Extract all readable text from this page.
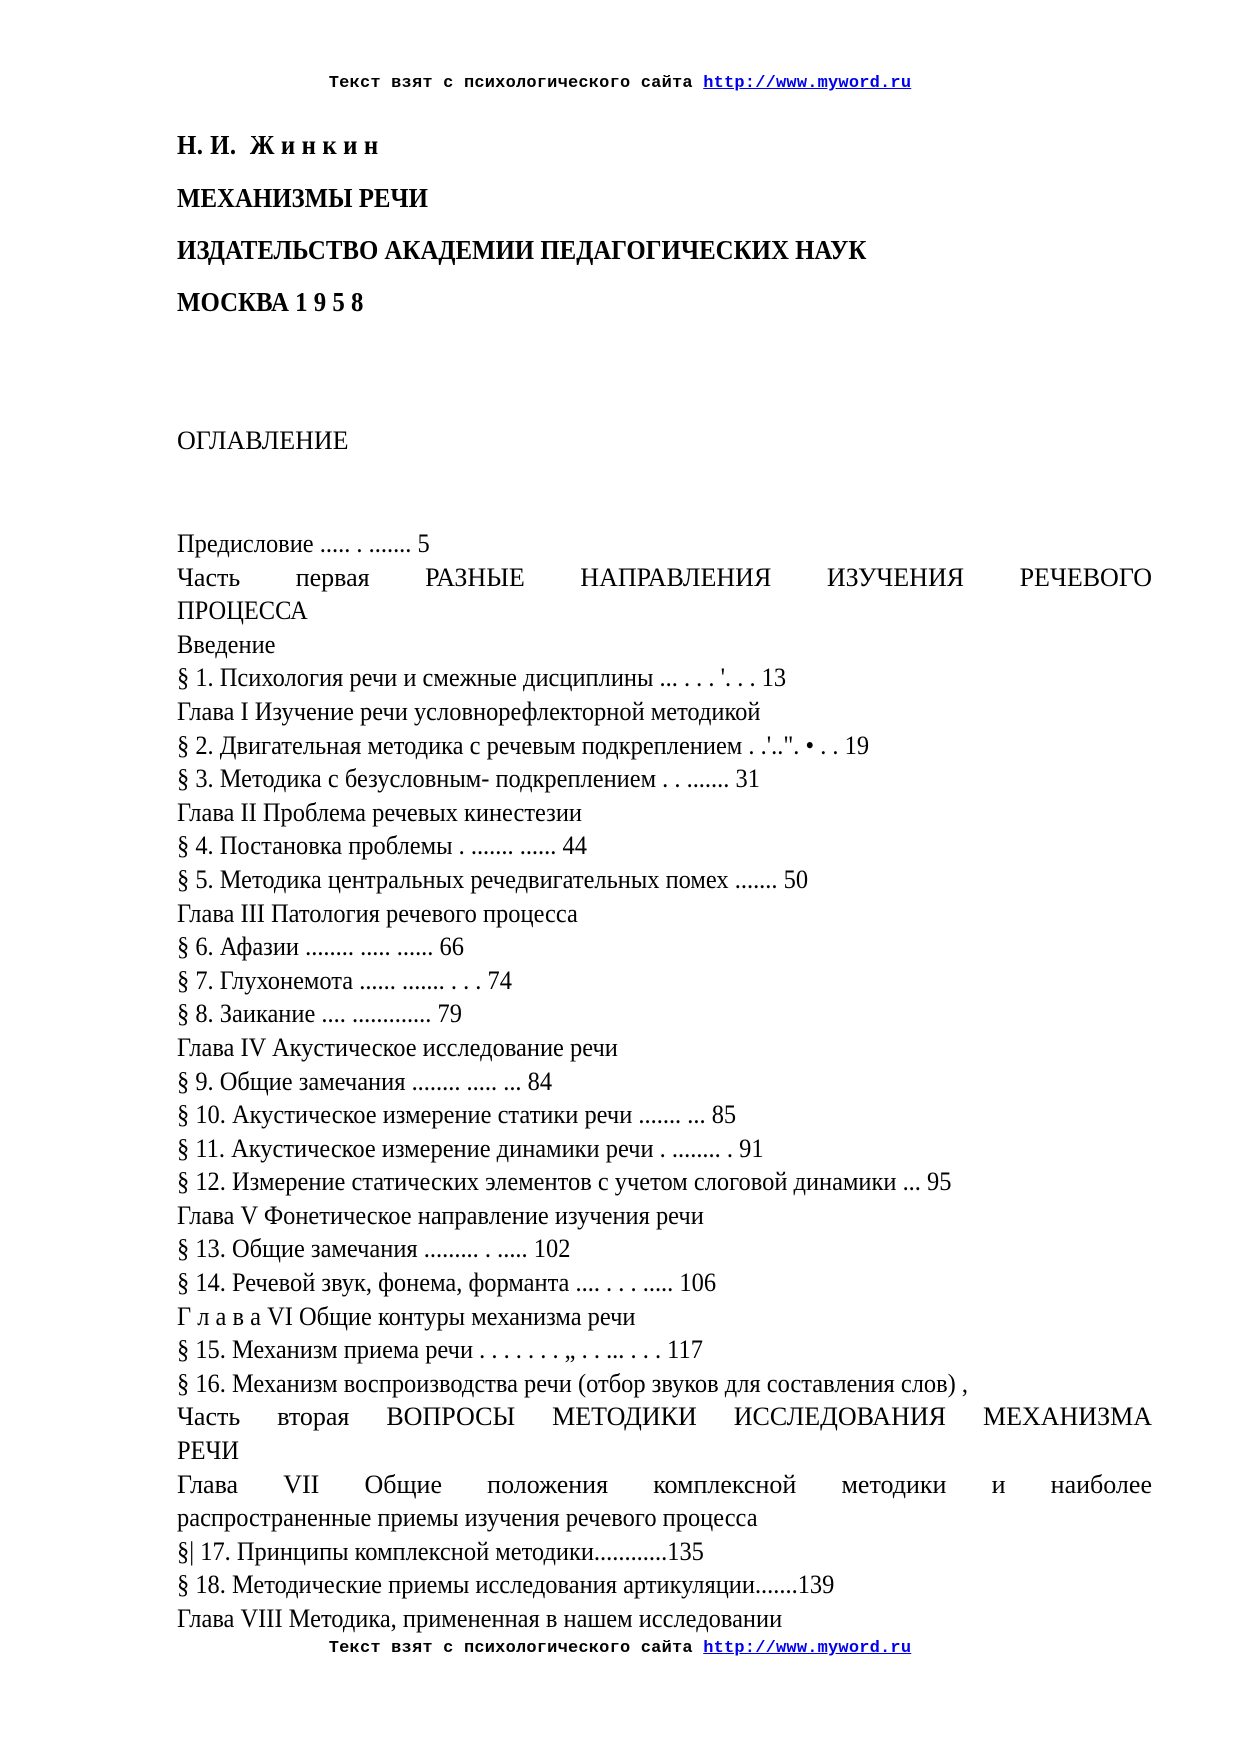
Текст взят с психологического сайта http://www.myword.ru
Н. И. Жинкин
МЕХАНИЗМЫ РЕЧИ
ИЗДАТЕЛЬСТВО АКАДЕМИИ ПЕДАГОГИЧЕСКИХ НАУК
МОСКВА 1 9 5 8
ОГЛАВЛЕНИЕ
Предисловие ..... . ....... 5
Часть первая РАЗНЫЕ НАПРАВЛЕНИЯ ИЗУЧЕНИЯ РЕЧЕВОГО
ПРОЦЕССА
Введение
§ 1. Психология речи и смежные дисциплины ... . . . '. . . 13
Глава I Изучение речи условнорефлекторной методикой
§ 2. Двигательная методика с речевым подкреплением . .'..". • . . 19
§ 3. Методика с безусловным- подкреплением . . ....... 31
Глава II Проблема речевых кинестезии
§ 4. Постановка проблемы . ....... ...... 44
§ 5. Методика центральных речедвигательных помех ....... 50
Глава III Патология речевого процесса
§ 6. Афазии ........ ..... ...... 66
§ 7. Глухонемота ...... ....... . . . 74
§ 8. Заикание .... ............. 79
Глава IV Акустическое исследование речи
§ 9. Общие замечания ........ ..... ... 84
§ 10. Акустическое измерение статики речи ....... ... 85
§ 11. Акустическое измерение динамики речи . ........ . 91
§ 12. Измерение статических элементов с учетом слоговой динамики ... 95
Глава V Фонетическое направление изучения речи
§ 13. Общие замечания ......... . ..... 102
§ 14. Речевой звук, фонема, форманта .... . . . ..... 106
Г л а в а VI Общие контуры механизма речи
§ 15. Механизм приема речи . . . . . . . „ . . ... . . . 117
§ 16. Механизм воспроизводства речи (отбор звуков для составления слов) ,
Часть вторая ВОПРОСЫ МЕТОДИКИ ИССЛЕДОВАНИЯ МЕХАНИЗМА
РЕЧИ
Глава VII Общие положения комплексной методики и наиболее
распространенные приемы изучения речевого процесса
§| 17. Принципы комплексной методики............135
§ 18. Методические приемы исследования артикуляции.......139
Глава VIII Методика, примененная в нашем исследовании
Текст взят с психологического сайта http://www.myword.ru
